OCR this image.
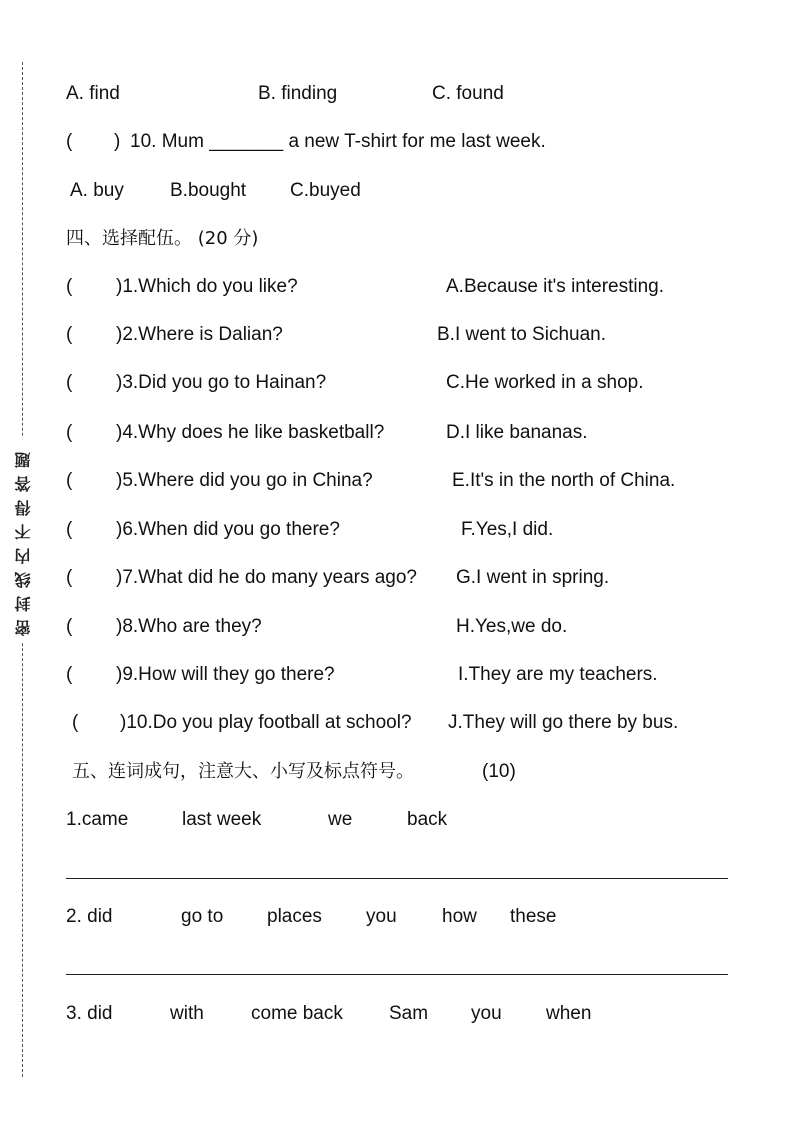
密封线内不得答题
A. find	B. finding	C. found
( ) 10. Mum _______ a new T-shirt for me last week.
A. buy B.bought C.buyed
四、选择配伍。 (20 分)
( )1.Which do you like?	A.Because it's interesting.
( )2.Where is Dalian?	B.I went to Sichuan.
( )3.Did you go to Hainan?	C.He worked in a shop.
( )4.Why does he like basketball?	D.I like bananas.
( )5.Where did you go in China?	E.It's in the north of China.
( )6.When did you go there?	F.Yes,I did.
( )7.What did he do many years ago? G.I went in spring.
( )8.Who are they?	H.Yes,we do.
( )9.How will they go there?	I.They are my teachers.
( )10.Do you play football at school? J.They will go there by bus.
五、连词成句，注意大、小写及标点符号。	(10)
1.came	last week	we	back
2. did	go to places you how these
3. did	with come back Sam you when
